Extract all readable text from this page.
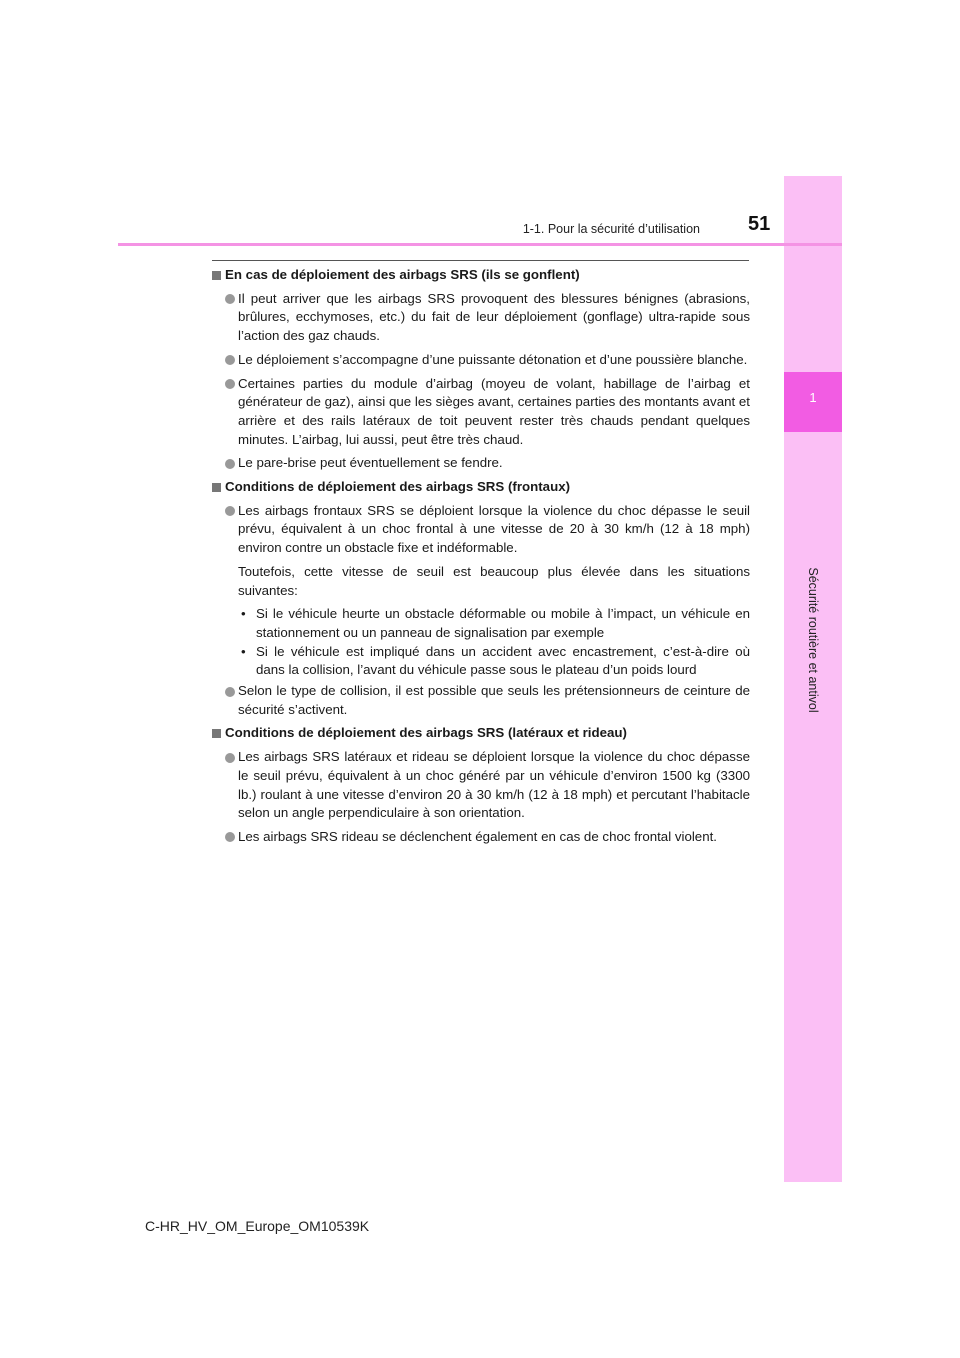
1
Sécurité routière et antivol
1-1. Pour la sécurité d’utilisation 51
En cas de déploiement des airbags SRS (ils se gonflent)
Il peut arriver que les airbags SRS provoquent des blessures bénignes (abrasions, brûlures, ecchymoses, etc.) du fait de leur déploiement (gonflage) ultra-rapide sous l’action des gaz chauds.
Le déploiement s’accompagne d’une puissante détonation et d’une poussière blanche.
Certaines parties du module d’airbag (moyeu de volant, habillage de l’airbag et générateur de gaz), ainsi que les sièges avant, certaines parties des montants avant et arrière et des rails latéraux de toit peuvent rester très chauds pendant quelques minutes. L’airbag, lui aussi, peut être très chaud.
Le pare-brise peut éventuellement se fendre.
Conditions de déploiement des airbags SRS (frontaux)
Les airbags frontaux SRS se déploient lorsque la violence du choc dépasse le seuil prévu, équivalent à un choc frontal à une vitesse de 20 à 30 km/h (12 à 18 mph) environ contre un obstacle fixe et indéformable.
Toutefois, cette vitesse de seuil est beaucoup plus élevée dans les situations suivantes:
• Si le véhicule heurte un obstacle déformable ou mobile à l’impact, un véhicule en stationnement ou un panneau de signalisation par exemple
• Si le véhicule est impliqué dans un accident avec encastrement, c’est-à-dire où dans la collision, l’avant du véhicule passe sous le plateau d’un poids lourd
Selon le type de collision, il est possible que seuls les prétensionneurs de ceinture de sécurité s’activent.
Conditions de déploiement des airbags SRS (latéraux et rideau)
Les airbags SRS latéraux et rideau se déploient lorsque la violence du choc dépasse le seuil prévu, équivalent à un choc généré par un véhicule d’environ 1500 kg (3300 lb.) roulant à une vitesse d’environ 20 à 30 km/h (12 à 18 mph) et percutant l’habitacle selon un angle perpendiculaire à son orientation.
Les airbags SRS rideau se déclenchent également en cas de choc frontal violent.
C-HR_HV_OM_Europe_OM10539K
